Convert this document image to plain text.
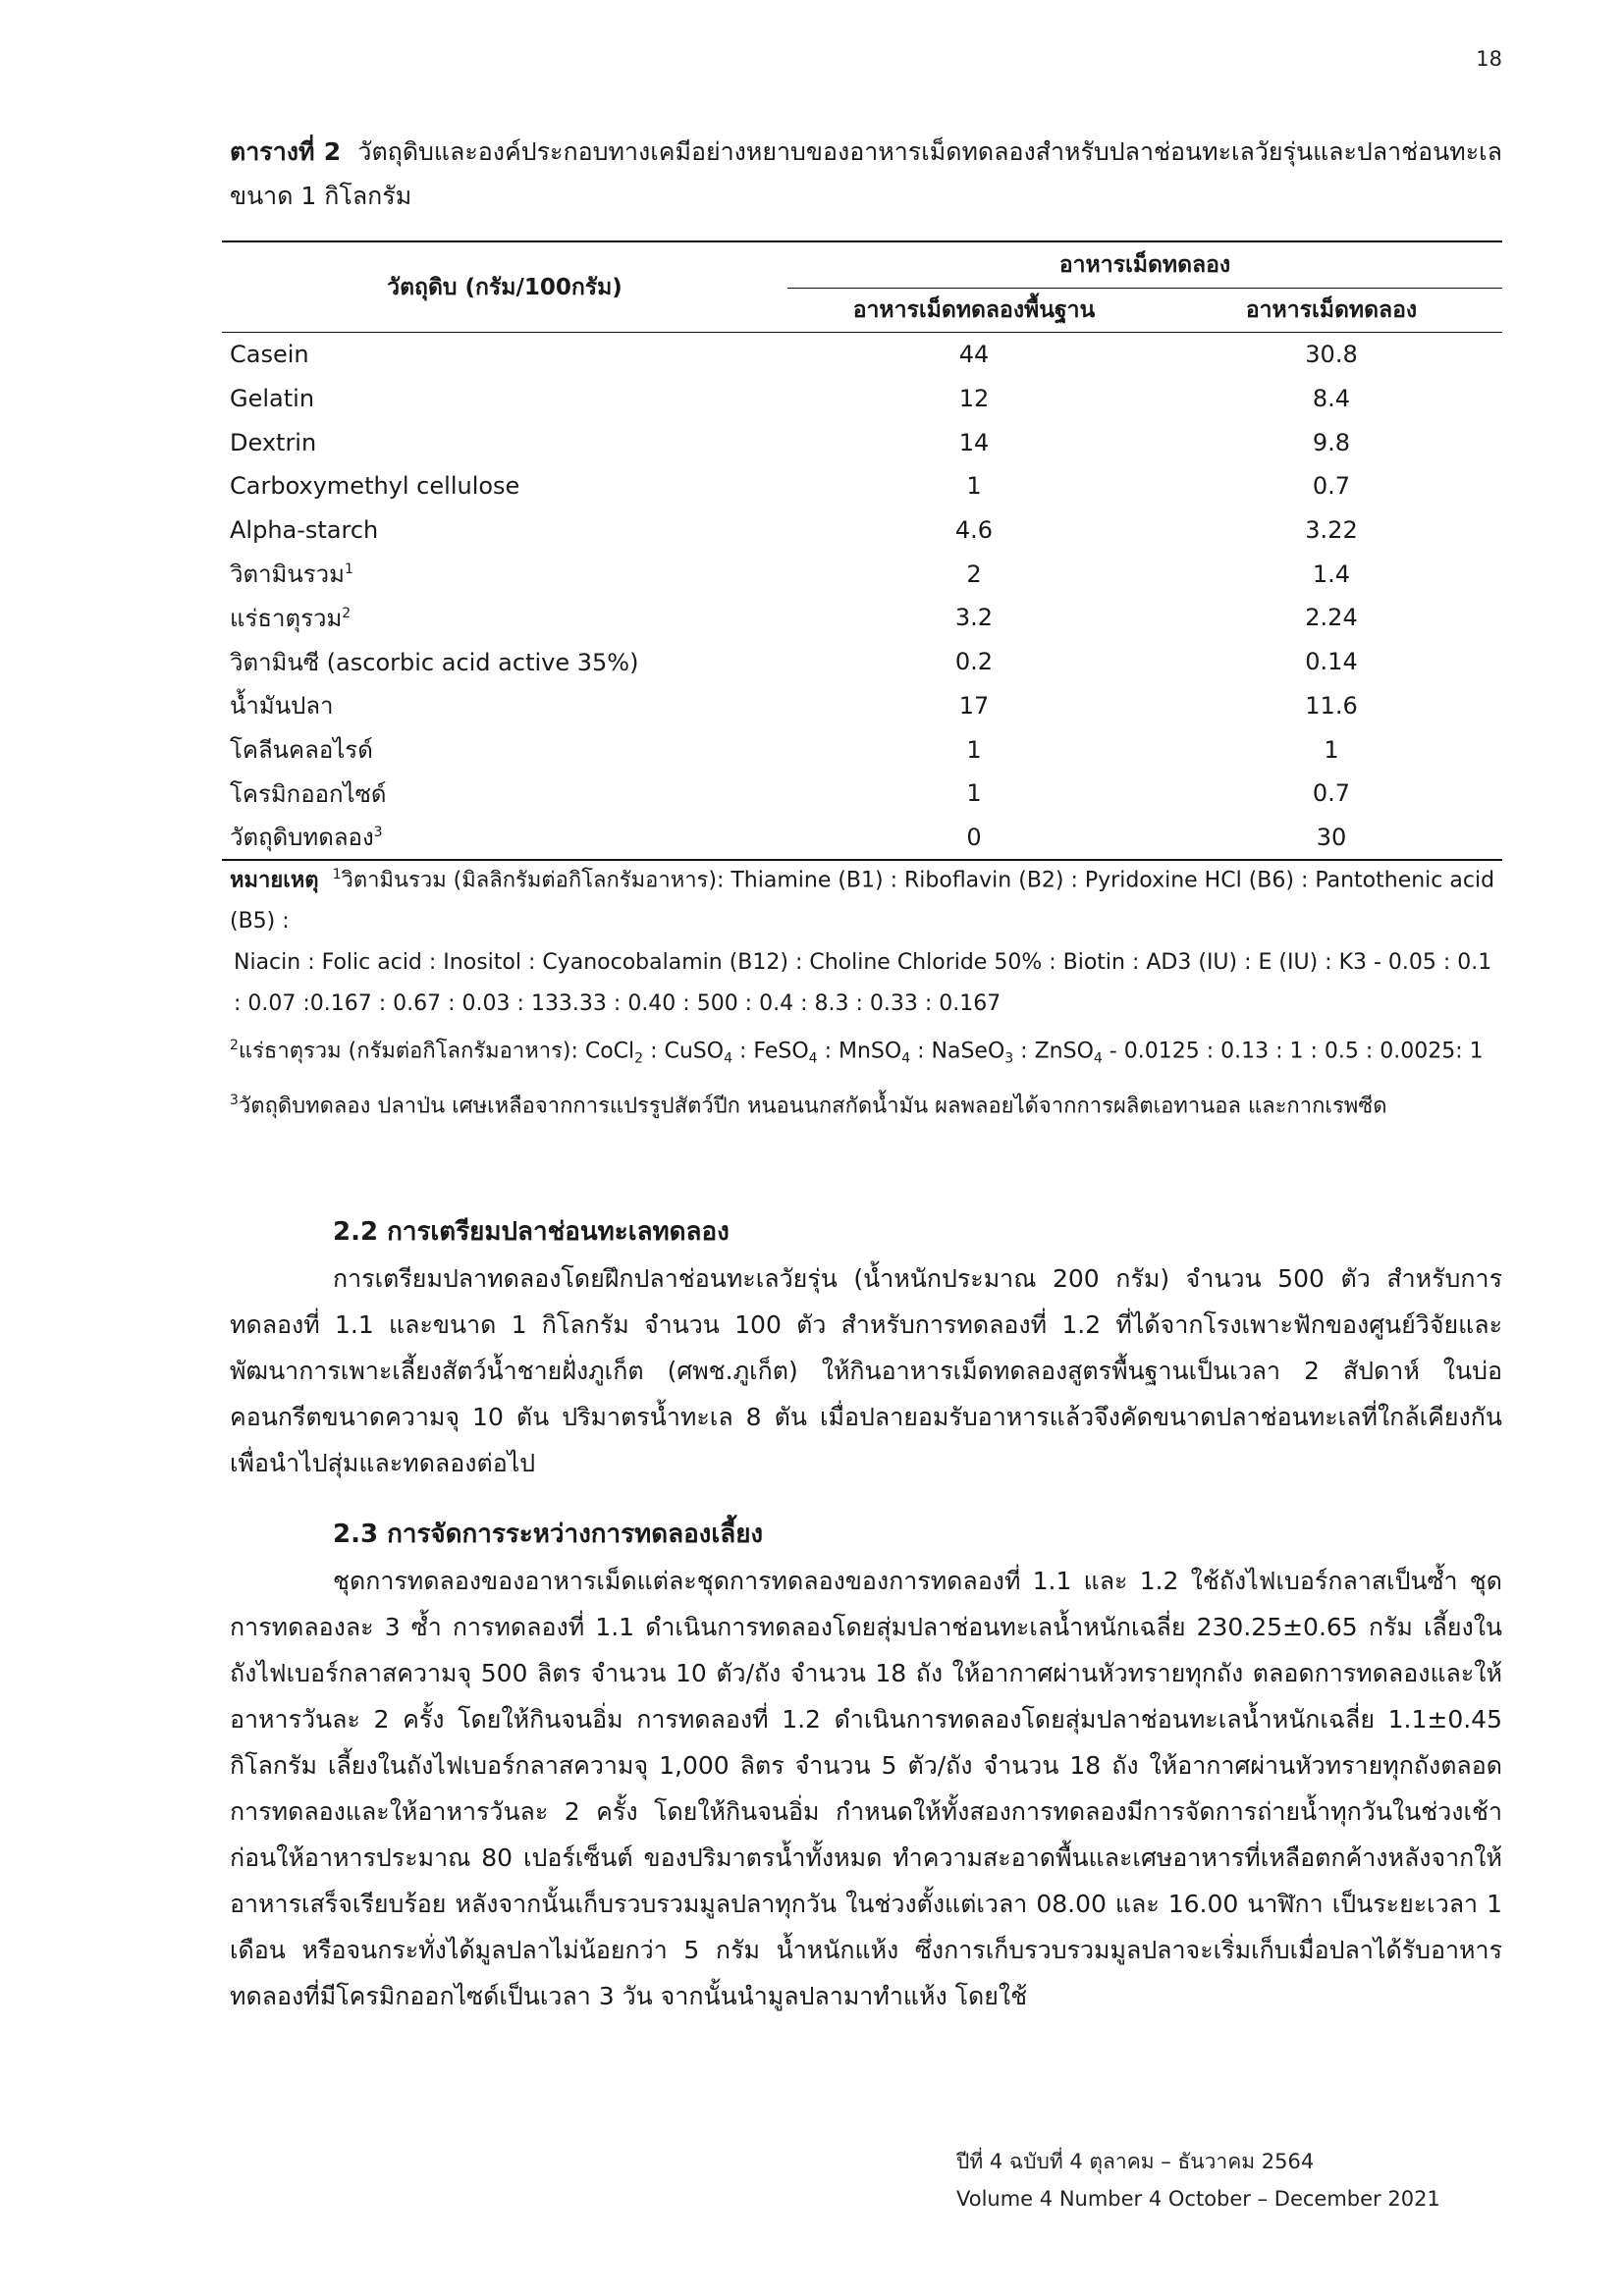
18
ตารางที่ 2 วัตถุดิบและองค์ประกอบทางเคมีอย่างหยาบของอาหารเม็ดทดลองสำหรับปลาช่อนทะเลวัยรุ่นและปลาช่อนทะเลขนาด 1 กิโลกรัม
วัตถุดิบ (กรัม/100กรัม)	อาหารเม็ดทดลอง	
	อาหารเม็ดทดลองพื้นฐาน	อาหารเม็ดทดลอง
Casein	44	30.8
Gelatin	12	8.4
Dextrin	14	9.8
Carboxymethyl cellulose	1	0.7
Alpha-starch	4.6	3.22
วิตามินรวม$^1$	2	1.4
แร่ธาตุรวม$^2$	3.2	2.24
วิตามินซี (ascorbic acid active 35%)	0.2	0.14
น้ำมันปลา	17	11.6
โคลีนคลอไรด์	1	1
โครมิกออกไซด์	1	0.7
วัตถุดิบทดลอง$^3$	0	30

หมายเหตุ $^1$วิตามินรวม (มิลลิกรัมต่อกิโลกรัมอาหาร): Thiamine (B1) : Riboflavin (B2) : Pyridoxine HCl (B6) : Pantothenic acid (B5) :

Niacin : Folic acid : Inositol : Cyanocobalamin (B12) : Choline Chloride 50% : Biotin : AD3 (IU) : E (IU) : K3 - 0.05 : 0.1 : 0.07 :0.167 : 0.67 : 0.03 : 133.33 : 0.40 : 500 : 0.4 : 8.3 : 0.33 : 0.167

$^2$แร่ธาตุรวม (กรัมต่อกิโลกรัมอาหาร): CoCl$_2$ : CuSO$_4$ : FeSO$_4$ : MnSO$_4$ : NaSeO$_3$ : ZnSO$_4$ - 0.0125 : 0.13 : 1 : 0.5 : 0.0025: 1

$^3$วัตถุดิบทดลอง ปลาป่น เศษเหลือจากการแปรรูปสัตว์ปีก หนอนนกสกัดน้ำมัน ผลพลอยได้จากการผลิตเอทานอล และกากเรพซีด

2.2 การเตรียมปลาช่อนทะเลทดลอง

การเตรียมปลาทดลองโดยฝึกปลาช่อนทะเลวัยรุ่น (น้ำหนักประมาณ 200 กรัม) จำนวน 500 ตัว สำหรับการทดลองที่ 1.1 และขนาด 1 กิโลกรัม จำนวน 100 ตัว สำหรับการทดลองที่ 1.2 ที่ได้จากโรงเพาะฟักของศูนย์วิจัยและพัฒนาการเพาะเลี้ยงสัตว์น้ำชายฝั่งภูเก็ต (ศพช.ภูเก็ต) ให้กินอาหารเม็ดทดลองสูตรพื้นฐานเป็นเวลา 2 สัปดาห์ ในบ่อคอนกรีตขนาดความจุ 10 ตัน ปริมาตรน้ำทะเล 8 ตัน เมื่อปลายอมรับอาหารแล้วจึงคัดขนาดปลาช่อนทะเลที่ใกล้เคียงกันเพื่อนำไปสุ่มและทดลองต่อไป

2.3 การจัดการระหว่างการทดลองเลี้ยง

ชุดการทดลองของอาหารเม็ดแต่ละชุดการทดลองของการทดลองที่ 1.1 และ 1.2 ใช้ถังไฟเบอร์กลาสเป็นซ้ำ ชุดการทดลองละ 3 ซ้ำ การทดลองที่ 1.1 ดำเนินการทดลองโดยสุ่มปลาช่อนทะเลน้ำหนักเฉลี่ย 230.25±0.65 กรัม เลี้ยงในถังไฟเบอร์กลาสความจุ 500 ลิตร จำนวน 10 ตัว/ถัง จำนวน 18 ถัง ให้อากาศผ่านหัวทรายทุกถัง ตลอดการทดลองและให้อาหารวันละ 2 ครั้ง โดยให้กินจนอิ่ม การทดลองที่ 1.2 ดำเนินการทดลองโดยสุ่มปลาช่อนทะเลน้ำหนักเฉลี่ย 1.1±0.45 กิโลกรัม เลี้ยงในถังไฟเบอร์กลาสความจุ 1,000 ลิตร จำนวน 5 ตัว/ถัง จำนวน 18 ถัง ให้อากาศผ่านหัวทรายทุกถังตลอดการทดลองและให้อาหารวันละ 2 ครั้ง โดยให้กินจนอิ่ม กำหนดให้ทั้งสองการทดลองมีการจัดการถ่ายน้ำทุกวันในช่วงเช้าก่อนให้อาหารประมาณ 80 เปอร์เซ็นต์ ของปริมาตรน้ำทั้งหมด ทำความสะอาดพื้นและเศษอาหารที่เหลือตกค้างหลังจากให้อาหารเสร็จเรียบร้อย หลังจากนั้นเก็บรวบรวมมูลปลาทุกวัน ในช่วงตั้งแต่เวลา 08.00 และ 16.00 นาฬิกา เป็นระยะเวลา 1 เดือน หรือจนกระทั่งได้มูลปลาไม่น้อยกว่า 5 กรัม น้ำหนักแห้ง ซึ่งการเก็บรวบรวมมูลปลาจะเริ่มเก็บเมื่อปลาได้รับอาหารทดลองที่มีโครมิกออกไซด์เป็นเวลา 3 วัน จากนั้นนำมูลปลามาทำแห้ง โดยใช้

ปีที่ 4 ฉบับที่ 4 ตุลาคม – ธันวาคม 2564
Volume 4 Number 4 October – December 2021
